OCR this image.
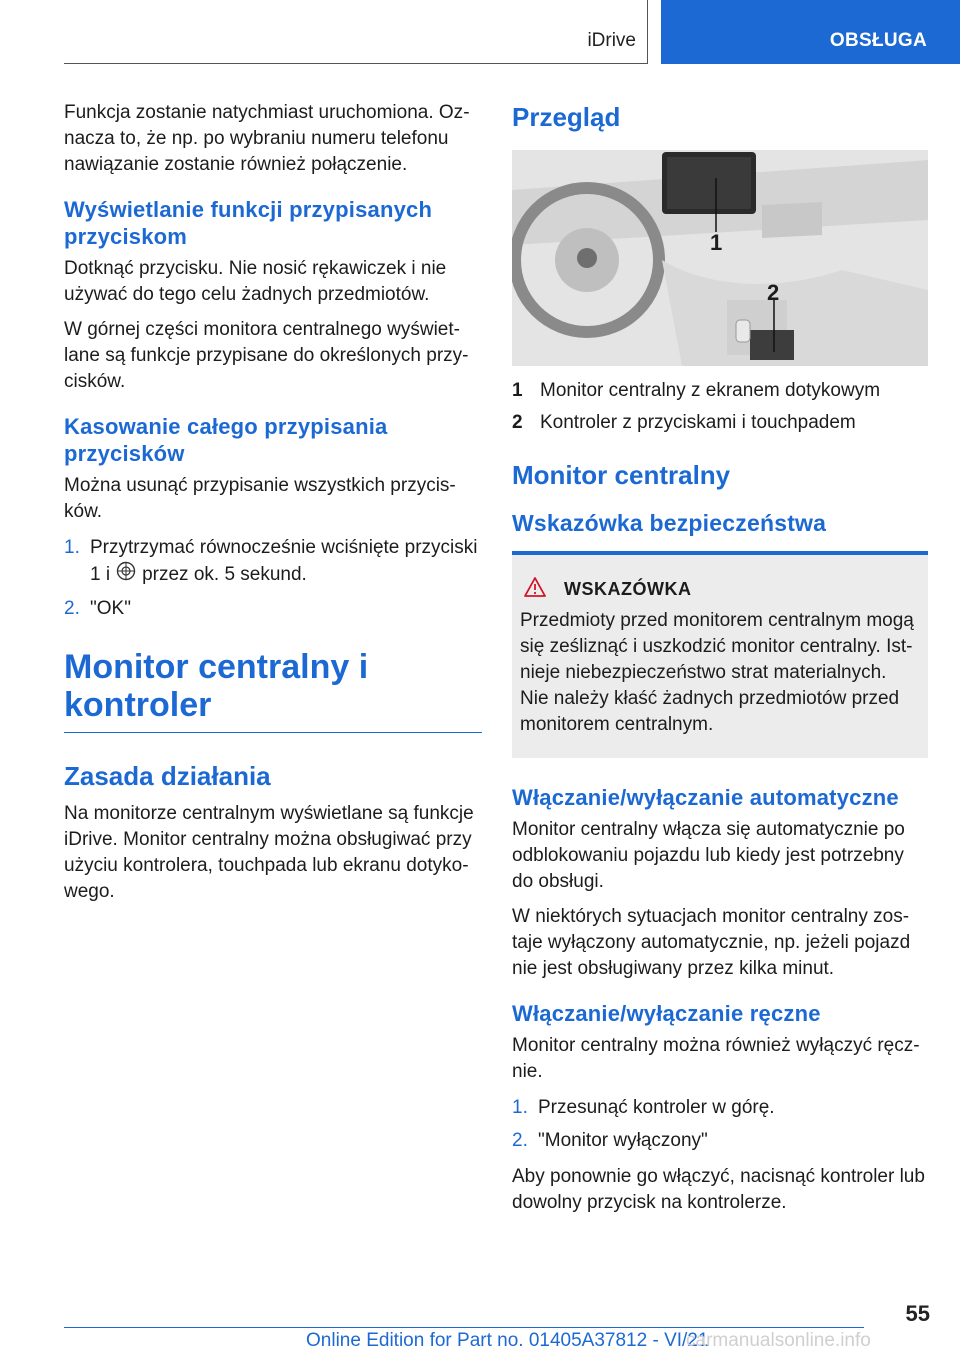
iDrive	OBSŁUGA

Funkcja zostanie natychmiast uruchomiona. Oznacza to, że np. po wybraniu numeru telefonu nawiązanie zostanie również połączenie.

Wyświetlanie funkcji przypisanych przyciskom

Dotknąć przycisku. Nie nosić rękawiczek i nie używać do tego celu żadnych przedmiotów.

W górnej części monitora centralnego wyświetlane są funkcje przypisane do określonych przycisków.

Kasowanie całego przypisania przycisków

Można usunąć przypisanie wszystkich przycisków.

1. Przytrzymać równocześnie wciśnięte przyciski 1 i przez ok. 5 sekund.
2. "OK"
Monitor centralny i kontroler
Zasada działania

Na monitorze centralnym wyświetlane są funkcje iDrive. Monitor centralny można obsługiwać przy użyciu kontrolera, touchpada lub ekranu dotykowego.

Przegląd
1
2
1 Monitor centralny z ekranem dotykowym
2 Kontroler z przyciskami i touchpadem
Monitor centralny
Wskazówka bezpieczeństwa
WSKAZÓWKA

Przedmioty przed monitorem centralnym mogą się ześliznąć i uszkodzić monitor centralny. Istnieje niebezpieczeństwo strat materialnych. Nie należy kłaść żadnych przedmiotów przed monitorem centralnym.

Włączanie/wyłączanie automatyczne

Monitor centralny włącza się automatycznie po odblokowaniu pojazdu lub kiedy jest potrzebny do obsługi.

W niektórych sytuacjach monitor centralny zostaje wyłączony automatycznie, np. jeżeli pojazd nie jest obsługiwany przez kilka minut.

Włączanie/wyłączanie ręczne

Monitor centralny można również wyłączyć ręcznie.

1. Przesunąć kontroler w górę.
2. "Monitor wyłączony"

Aby ponownie go włączyć, nacisnąć kontroler lub dowolny przycisk na kontrolerze.

55
Online Edition for Part no. 01405A37812 - VI/21
carmanualsonline.info
